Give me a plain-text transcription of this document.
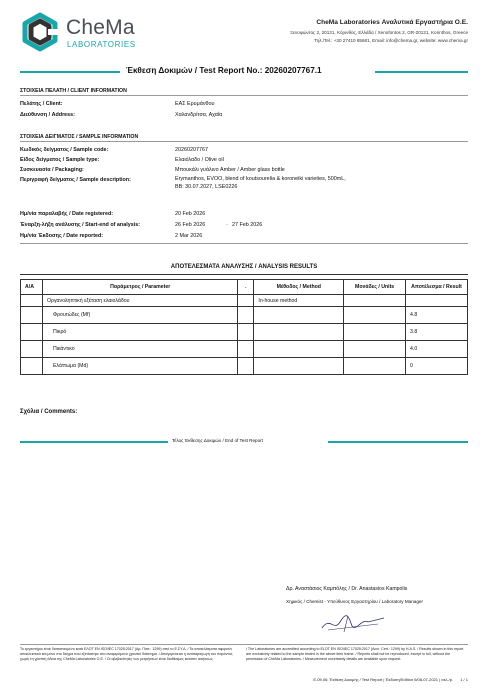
CheMa
LABORATORIES
ChеMa Laboratories Αναλυτικά Εργαστήρια Ο.Ε.
Ξενοφώντος 2, 20131, Κόρινθος, Ελλάδα / Xenofontos 2, GR-20131, Korinthos, Greece
Τηλ./Tel.: +30 27410 85681, Email: info@chema.gr, website: www.chema.gr
Έκθεση Δοκιμών / Test Report No.: 20260207767.1
ΣΤΟΙΧΕΙΑ ΠΕΛΑΤΗ / CLIENT INFORMATION
Πελάτης / Client:	ΕΑΣ Ερυμάνθου
Διεύθυνση / Address:	Χαλανδρίτσα, Αχαΐα
ΣΤΟΙΧΕΙΑ ΔΕΙΓΜΑΤΟΣ / SAMPLE INFORMATION
Κωδικός δείγματος / Sample code:	20260207767
Είδος δείγματος / Sample type:	Ελαιόλαδο / Olive oil
Συσκευασία / Packaging:	Μπουκάλι γυάλινο Amber / Amber glass bottle
Περιγραφή δείγματος / Sample description:	Erymanthos, EVOO, blend of koutsourelia & koroneiki varieties, 500mL, BB: 30.07.2027, LSE0226
Ημ/νία παραλαβής / Date registered:	20 Feb 2026
Έναρξη-λήξη ανάλυσης / Start-end of analysis:	26 Feb 2026	- 27 Feb 2026
Ημ/νία Έκδοσης / Date reported:	2 Mar 2026
ΑΠΟΤΕΛΕΣΜΑΤΑ ΑΝΑΛΥΣΗΣ / ANALYSIS RESULTS
Α/Α	Παράμετρος / Parameter	.	Μέθοδος / Method	Μονάδες / Units	Αποτέλεσμα / Result
	Οργανοληπτική εξέταση ελαιολάδου		In-house method		
	Φρουτώδες (Mf)				4.8
	Πικρό				3.8
	Πικάντικο				4.0
	Ελάττωμα (Md)				0
Σχόλια / Comments:
Τέλος Έκθεσης Δοκιμών / End of Test Report
Δρ. Αναστάσιος Καμπόλης / Dr. Anastasios Kampolis
Χημικός / Chemist - Υπεύθυνος Εργαστηρίου / Laboratory Manager
Το εργαστήριο είναι διαπιστευμένο κατά ΕΛΟΤ ΕΝ ISO/IEC 17025:2017 (Αρ. Πιστ.: 1299) από το Ε.ΣΥ.Δ. / Τα αποτελέσματα αφορούν αποκλειστικά και μόνο στο δείγμα που εξετάστηκε στο αναφερόμενο χρονικό διάστημα. / Απαγορεύεται η αναπαραγωγή του παρόντος χωρίς τη γραπτή άδεια της ChеMa Laboratories O.E. / Οι αβεβαιότητες των μετρήσεων είναι διαθέσιμες κατόπιν αιτήσεως.
/ The Laboratories are accredited according to ELOT EN ISO/IEC 17025:2017 (Accr. Cert.: 1299) by H.A.S. / Results shown in this report are exclusively related to the sample tested in the above time frame. / Reports shall not be reproduced, except in full, without the permission of ChеMa Laboratories. / Measurement uncertainty details are available upon request.
E-09.06: Έκθεση Δοκιμής / Test Report | Έκδοση/Edition 6/08-07-2021 | σελ./p. 1 / 1
